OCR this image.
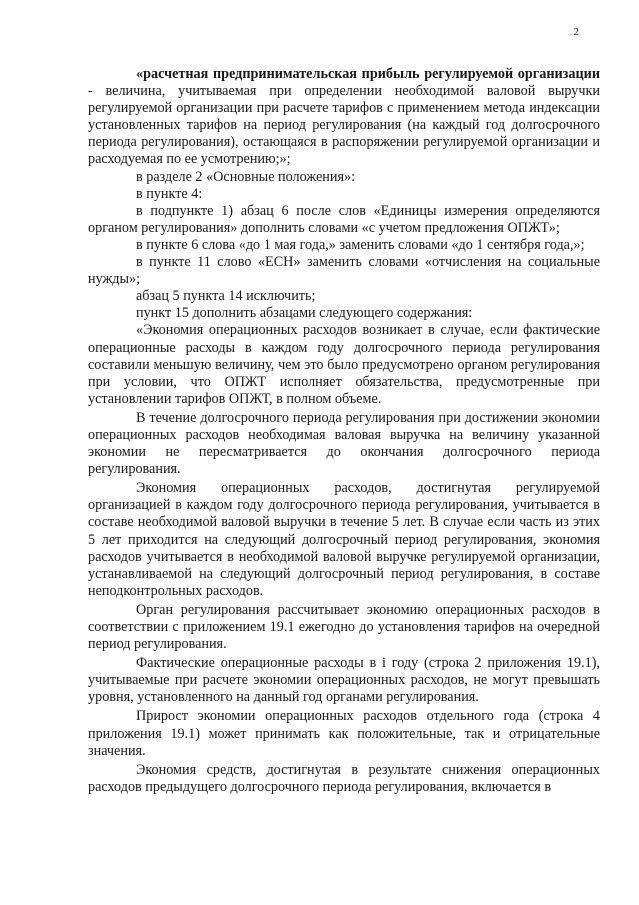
2

«расчетная предпринимательская прибыль регулируемой организации - величина, учитываемая при определении необходимой валовой выручки регулируемой организации при расчете тарифов с применением метода индексации установленных тарифов на период регулирования (на каждый год долгосрочного периода регулирования), остающаяся в распоряжении регулируемой организации и расходуемая по ее усмотрению;»;

в разделе 2 «Основные положения»:

в пункте 4:

в подпункте 1) абзац 6 после слов «Единицы измерения определяются органом регулирования» дополнить словами «с учетом предложения ОПЖТ»;

в пункте 6 слова «до 1 мая года,» заменить словами «до 1 сентября года,»;

в пункте 11 слово «ЕСН» заменить словами «отчисления на социальные нужды»;

абзац 5 пункта 14 исключить;

пункт 15 дополнить абзацами следующего содержания:

«Экономия операционных расходов возникает в случае, если фактические операционные расходы в каждом году долгосрочного периода регулирования составили меньшую величину, чем это было предусмотрено органом регулирования при условии, что ОПЖТ исполняет обязательства, предусмотренные при установлении тарифов ОПЖТ, в полном объеме.

В течение долгосрочного периода регулирования при достижении экономии операционных расходов необходимая валовая выручка на величину указанной экономии не пересматривается до окончания долгосрочного периода регулирования.

Экономия операционных расходов, достигнутая регулируемой организацией в каждом году долгосрочного периода регулирования, учитывается в составе необходимой валовой выручки в течение 5 лет. В случае если часть из этих 5 лет приходится на следующий долгосрочный период регулирования, экономия расходов учитывается в необходимой валовой выручке регулируемой организации, устанавливаемой на следующий долгосрочный период регулирования, в составе неподконтрольных расходов.

Орган регулирования рассчитывает экономию операционных расходов в соответствии с приложением 19.1 ежегодно до установления тарифов на очередной период регулирования.

Фактические операционные расходы в i году (строка 2 приложения 19.1), учитываемые при расчете экономии операционных расходов, не могут превышать уровня, установленного на данный год органами регулирования.

Прирост экономии операционных расходов отдельного года (строка 4 приложения 19.1) может принимать как положительные, так и отрицательные значения.

Экономия средств, достигнутая в результате снижения операционных расходов предыдущего долгосрочного периода регулирования, включается в
